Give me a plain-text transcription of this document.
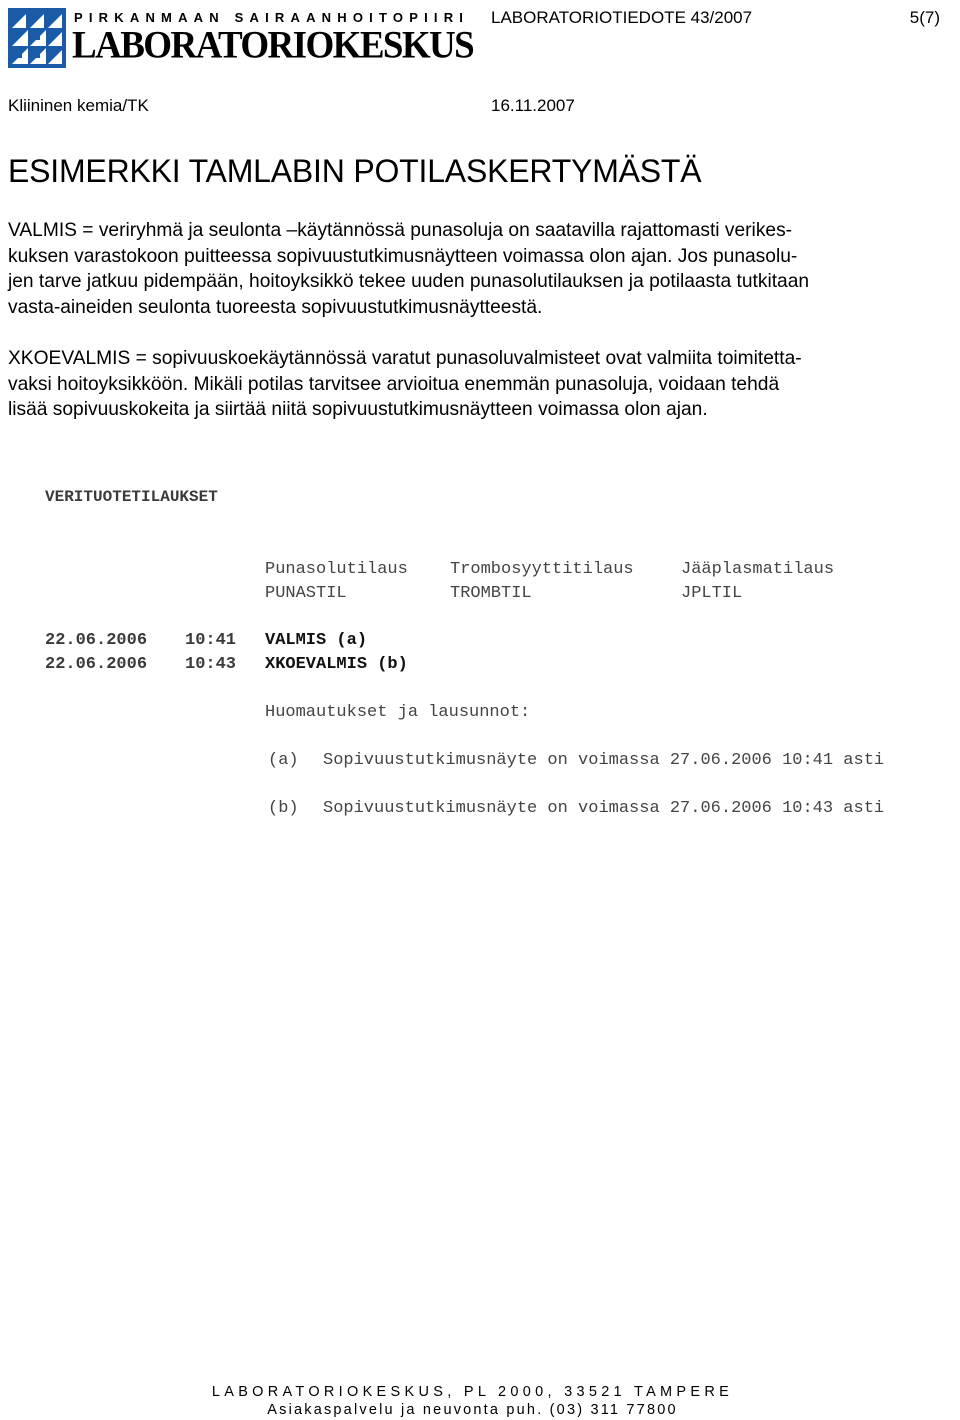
PIRKANMAAN SAIRAANHOITOPIIRI
LABORATORIOKESKUS
LABORATORIOTIEDOTE 43/2007	5(7)
Kliininen kemia/TK	16.11.2007
ESIMERKKI TAMLABIN POTILASKERTYMÄSTÄ

VALMIS = veriryhmä ja seulonta –käytännössä punasoluja on saatavilla rajattomasti verikes-
kuksen varastokoon puitteessa sopivuustutkimusnäytteen voimassa olon ajan. Jos punasolu-
jen tarve jatkuu pidempään, hoitoyksikkö tekee uuden punasolutilauksen ja potilaasta tutkitaan
vasta-aineiden seulonta tuoreesta sopivuustutkimusnäytteestä.

XKOEVALMIS = sopivuuskoekäytännössä varatut punasoluvalmisteet ovat valmiita toimitetta-
vaksi hoitoyksikköön. Mikäli potilas tarvitsee arvioitua enemmän punasoluja, voidaan tehdä
lisää sopivuuskokeita ja siirtää niitä sopivuustutkimusnäytteen voimassa olon ajan.

VERITUOTETILAUKSET
Punasolutilaus Trombosyyttitilaus	Jääplasmatilaus
PUNASTIL	TROMBTIL	JPLTIL
22.06.2006 10:41 VALMIS (a)
22.06.2006 10:43 XKOEVALMIS (b)
Huomautukset ja lausunnot:
(a) Sopivuustutkimusnäyte on voimassa 27.06.2006 10:41 asti
(b) Sopivuustutkimusnäyte on voimassa 27.06.2006 10:43 asti
LABORATORIOKESKUS, PL 2000, 33521 TAMPERE
Asiakaspalvelu ja neuvonta puh. (03) 311 77800
